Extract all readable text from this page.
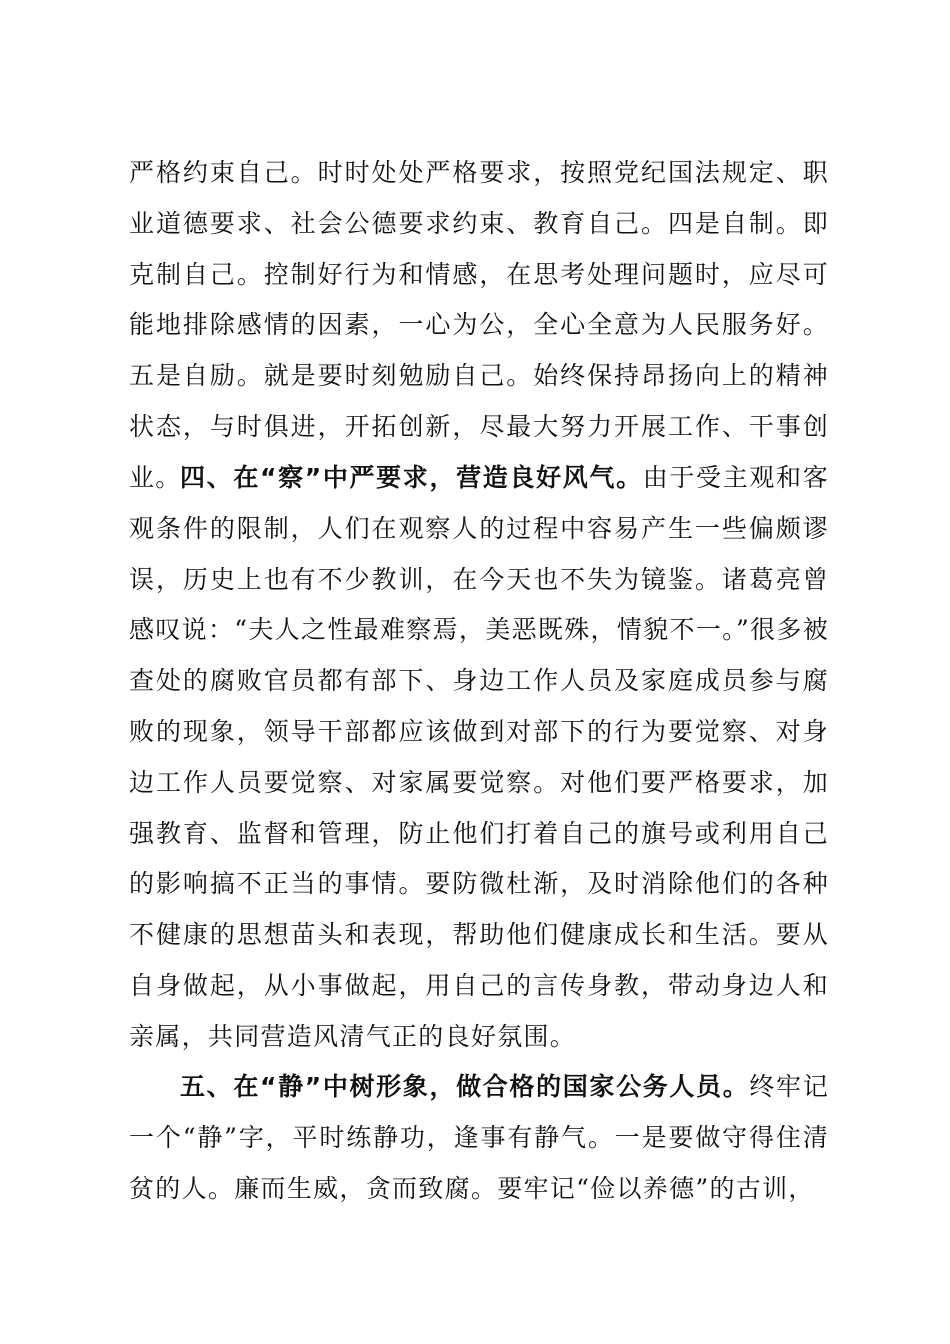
严格约束自己。时时处处严格要求，按照党纪国法规定、职业道德要求、社会公德要求约束、教育自己。四是自制。即克制自己。控制好行为和情感，在思考处理问题时，应尽可能地排除感情的因素，一心为公，全心全意为人民服务好。五是自励。就是要时刻勉励自己。始终保持昂扬向上的精神状态，与时俱进，开拓创新，尽最大努力开展工作、干事创业。

四、在“察”中严要求，营造良好风气。由于受主观和客观条件的限制，人们在观察人的过程中容易产生一些偏颇谬误，历史上也有不少教训，在今天也不失为镜鉴。诸葛亮曾感叹说：“夫人之性最难察焉，美恶既殊，情貌不一。”很多被查处的腐败官员都有部下、身边工作人员及家庭成员参与腐败的现象，领导干部都应该做到对部下的行为要觉察、对身边工作人员要觉察、对家属要觉察。对他们要严格要求，加强教育、监督和管理，防止他们打着自己的旗号或利用自己的影响搞不正当的事情。要防微杜渐，及时消除他们的各种不健康的思想苗头和表现，帮助他们健康成长和生活。要从自身做起，从小事做起，用自己的言传身教，带动身边人和亲属，共同营造风清气正的良好氛围。

五、在“静”中树形象，做合格的国家公务人员。终牢记一个“静”字，平时练静功，逢事有静气。一是要做守得住清贫的人。廉而生威，贪而致腐。要牢记“俭以养德”的古训，
